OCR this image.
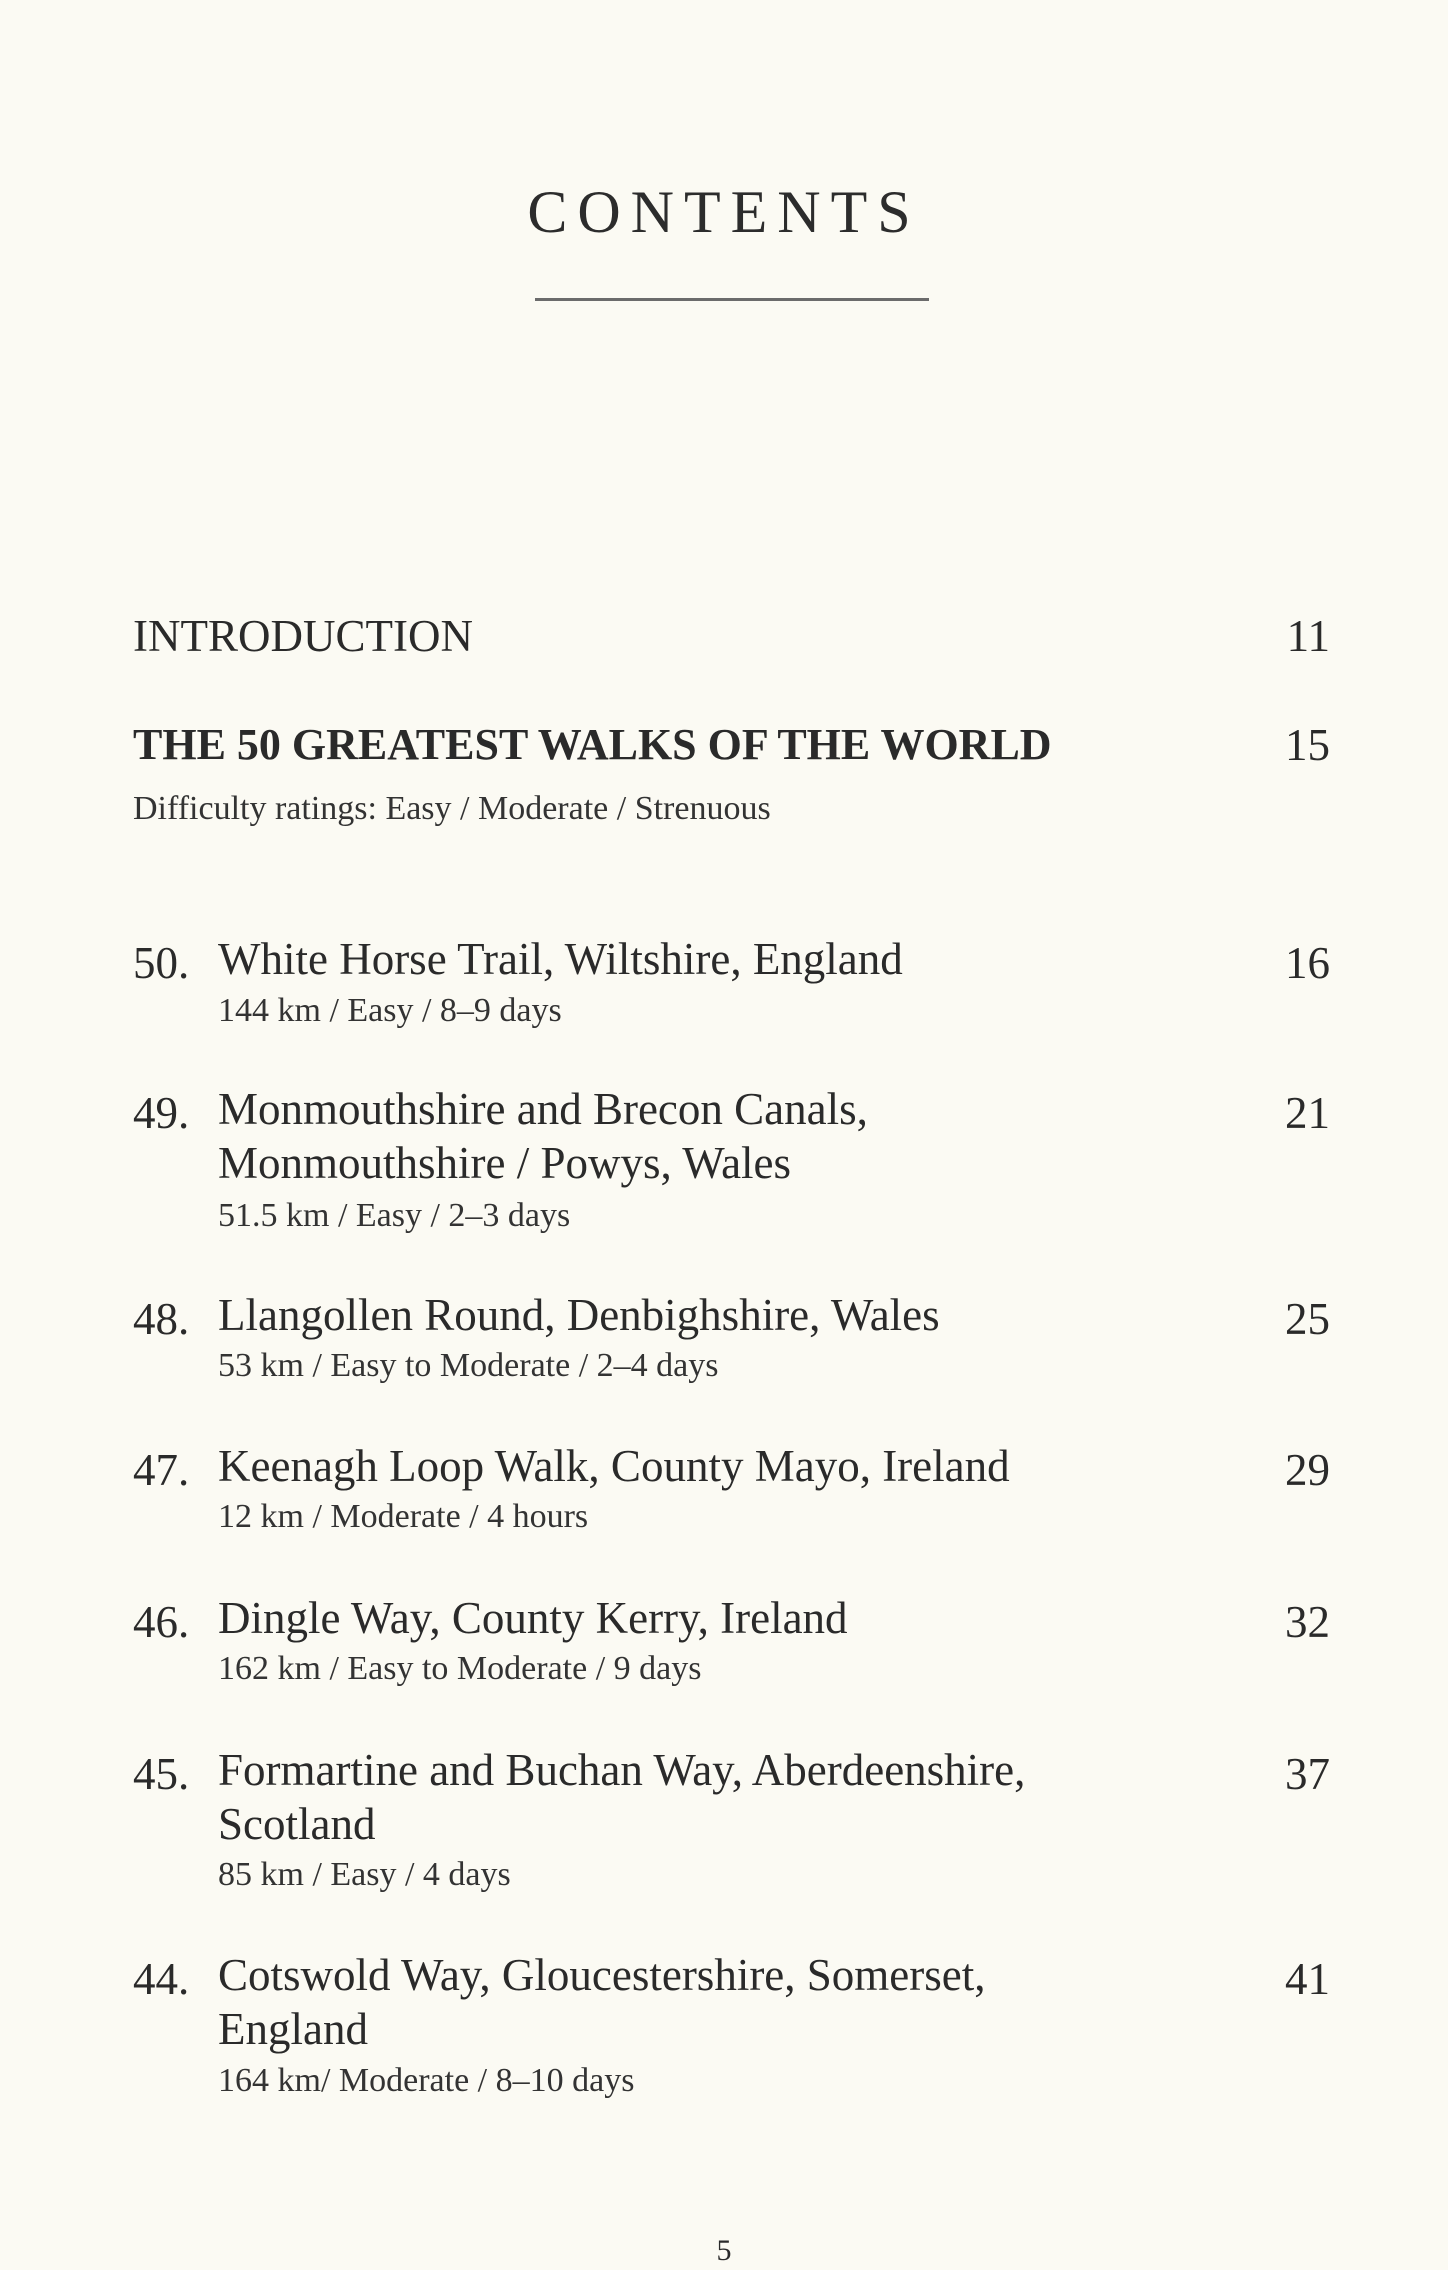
CONTENTS
INTRODUCTION	11
THE 50 GREATEST WALKS OF THE WORLD	15
Difficulty ratings: Easy / Moderate / Strenuous
50. White Horse Trail, Wiltshire, England
144 km / Easy / 8–9 days
16
49. Monmouthshire and Brecon Canals,
Monmouthshire / Powys, Wales
51.5 km / Easy / 2–3 days
21
48. Llangollen Round, Denbighshire, Wales
53 km / Easy to Moderate / 2–4 days
25
47. Keenagh Loop Walk, County Mayo, Ireland
12 km / Moderate / 4 hours
29
46. Dingle Way, County Kerry, Ireland
162 km / Easy to Moderate / 9 days
32
45. Formartine and Buchan Way, Aberdeenshire,
Scotland
85 km / Easy / 4 days
37
44. Cotswold Way, Gloucestershire, Somerset,
England
164 km/ Moderate / 8–10 days
41
5
